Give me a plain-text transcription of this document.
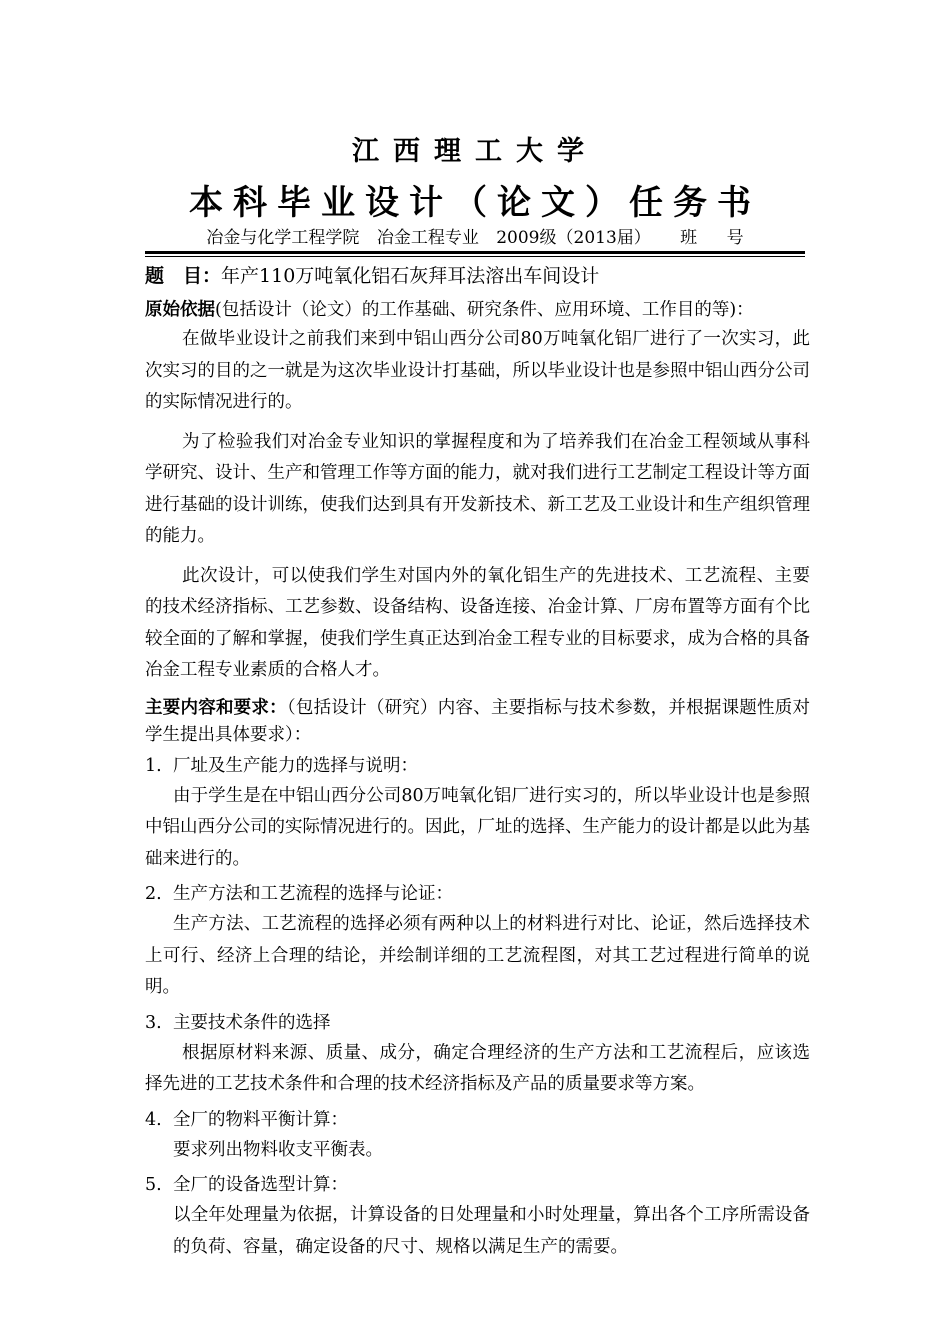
江西理工大学
本科毕业设计（论文）任务书
冶金与化学工程学院 冶金工程专业 2009级（2013届） 班 号
题　目：年产110万吨氧化铝石灰拜耳法溶出车间设计
原始依据(包括设计（论文）的工作基础、研究条件、应用环境、工作目的等)：

在做毕业设计之前我们来到中铝山西分公司80万吨氧化铝厂进行了一次实习，此次实习的目的之一就是为这次毕业设计打基础，所以毕业设计也是参照中铝山西分公司的实际情况进行的。

为了检验我们对冶金专业知识的掌握程度和为了培养我们在冶金工程领域从事科学研究、设计、生产和管理工作等方面的能力，就对我们进行工艺制定工程设计等方面进行基础的设计训练，使我们达到具有开发新技术、新工艺及工业设计和生产组织管理的能力。

此次设计，可以使我们学生对国内外的氧化铝生产的先进技术、工艺流程、主要的技术经济指标、工艺参数、设备结构、设备连接、冶金计算、厂房布置等方面有个比较全面的了解和掌握，使我们学生真正达到冶金工程专业的目标要求，成为合格的具备冶金工程专业素质的合格人才。

主要内容和要求：（包括设计（研究）内容、主要指标与技术参数，并根据课题性质对学生提出具体要求）：
1. 厂址及生产能力的选择与说明：

由于学生是在中铝山西分公司80万吨氧化铝厂进行实习的，所以毕业设计也是参照中铝山西分公司的实际情况进行的。因此，厂址的选择、生产能力的设计都是以此为基础来进行的。

2. 生产方法和工艺流程的选择与论证：

生产方法、工艺流程的选择必须有两种以上的材料进行对比、论证，然后选择技术上可行、经济上合理的结论，并绘制详细的工艺流程图，对其工艺过程进行简单的说明。

3. 主要技术条件的选择

根据原材料来源、质量、成分，确定合理经济的生产方法和工艺流程后，应该选择先进的工艺技术条件和合理的技术经济指标及产品的质量要求等方案。

4. 全厂的物料平衡计算：

要求列出物料收支平衡表。

5. 全厂的设备选型计算：

以全年处理量为依据，计算设备的日处理量和小时处理量，算出各个工序所需设备的负荷、容量，确定设备的尺寸、规格以满足生产的需要。
